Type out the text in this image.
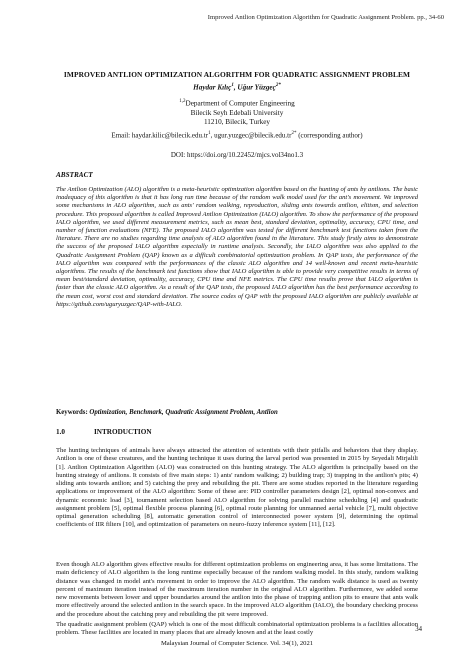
Improved Antlion Optimization Algorithm for Quadratic Assignment Problem. pp., 34-60
IMPROVED ANTLION OPTIMIZATION ALGORITHM FOR QUADRATIC ASSIGNMENT PROBLEM
Haydar Kılıç$^1$, Uğur Yüzgeç$^{2*}$
$^{1,2}$Department of Computer Engineering
Bilecik Seyh Edebali University
11210, Bilecik, Turkey
Email: $haydar.kilic@bilecik.edu.tr^1$, $ugur.yuzgec@bilecik.edu.tr^{2*}$ (corresponding author)
DOI: https://doi.org/10.22452/mjcs.vol34no1.3
ABSTRACT
The Antlion Optimization (ALO) algorithm is a meta-heuristic optimization algorithm based on the hunting of ants by antlions. The basic inadequacy of this algorithm is that it has long run time because of the random walk model used for the ant's movement. We improved some mechanisms in ALO algorithm, such as ants' random walking, reproduction, sliding ants towards antlion, elitism, and selection procedure. This proposed algorithm is called Improved Antlion Optimization (IALO) algorithm. To show the performance of the proposed IALO algorithm, we used different measurement metrics, such as mean best, standard deviation, optimality, accuracy, CPU time, and number of function evaluations (NFE). The proposed IALO algorithm was tested for different benchmark test functions taken from the literature. There are no studies regarding time analysis of ALO algorithm found in the literature. This study firstly aims to demonstrate the success of the proposed IALO algorithm especially in runtime analysis. Secondly, the IALO algorithm was also applied to the Quadratic Assignment Problem (QAP) known as a difficult combinatorial optimization problem. In QAP tests, the performance of the IALO algorithm was compared with the performances of the classic ALO algorithm and 14 well-known and recent meta-heuristic algorithms. The results of the benchmark test functions show that IALO algorithm is able to provide very competitive results in terms of mean best/standard deviation, optimality, accuracy, CPU time and NFE metrics. The CPU time results prove that IALO algorithm is faster than the classic ALO algorithm. As a result of the QAP tests, the proposed IALO algorithm has the best performance according to the mean cost, worst cost and standard deviation. The source codes of QAP with the proposed IALO algorithm are publicly available at https://github.com/uguryuzgec/QAP-with-IALO.
Keywords: Optimization, Benchmark, Quadratic Assignment Problem, Antlion
1.0	INTRODUCTION
The hunting techniques of animals have always attracted the attention of scientists with their pitfalls and behaviors that they display. Antlion is one of these creatures, and the hunting technique it uses during the larval period was presented in 2015 by Seyedali Mirjalili [1]. Antlion Optimization Algorithm (ALO) was constructed on this hunting strategy. The ALO algorithm is principally based on the hunting strategy of antlions. It consists of five main steps: 1) ants' random walking; 2) building trap; 3) trapping in the antlion's pits; 4) sliding ants towards antlion; and 5) catching the prey and rebuilding the pit. There are some studies reported in the literature regarding applications or improvement of the ALO algorithm: Some of these are: PID controller parameters design [2], optimal non-convex and dynamic economic load [3], tournament selection based ALO algorithm for solving parallel machine scheduling [4] and quadratic assignment problem [5], optimal flexible process planning [6], optimal route planning for unmanned aerial vehicle [7], multi objective optimal generation scheduling [8], automatic generation control of interconnected power system [9], determining the optimal coefficients of IIR filters [10], and optimization of parameters on neuro-fuzzy inference system [11], [12].
Even though ALO algorithm gives effective results for different optimization problems on engineering area, it has some limitations. The main deficiency of ALO algorithm is the long runtime especially because of the random walking model. In this study, random walking distance was changed in model ant's movement in order to improve the ALO algorithm. The random walk distance is used as twenty percent of maximum iteration instead of the maximum iteration number in the original ALO algorithm. Furthermore, we added some new movements between lower and upper boundaries around the antlion into the phase of trapping antlion pits to ensure that ants walk more effectively around the selected antlion in the search space. In the improved ALO algorithm (IALO), the boundary checking process and the procedure about the catching prey and rebuilding the pit were improved.
The quadratic assignment problem (QAP) which is one of the most difficult combinatorial optimization problems is a facilities allocation problem. These facilities are located in many places that are already known and at the least costly	34
Malaysian Journal of Computer Science. Vol. 34(1), 2021
